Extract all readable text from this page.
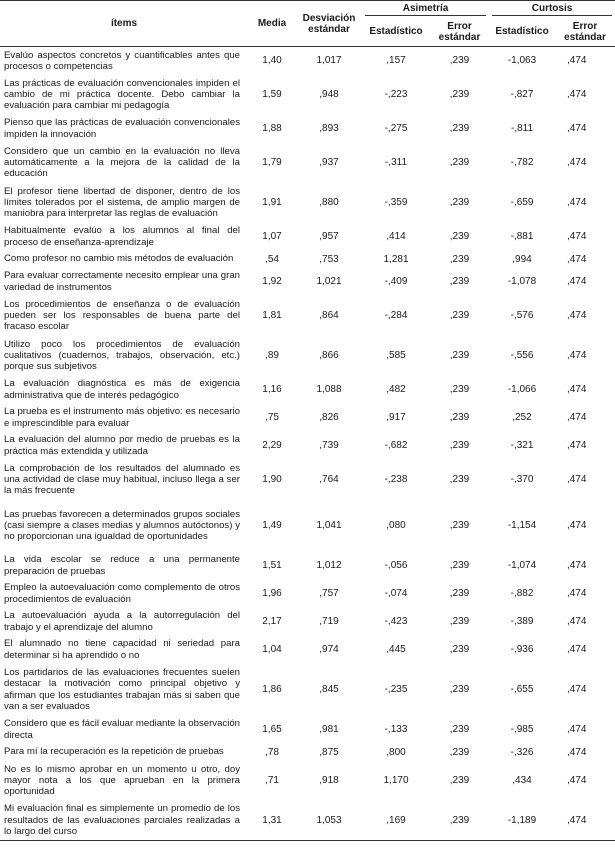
ítems	Media	Desviación estándar	Asimetría		Curtosis	

			Estadístico	Error estándar	Estadístico	Error estándar
Evalúo aspectos concretos y cuantificables antes que procesos o competencias	1,40	1,017	,157	,239	-1,063	,474
Las prácticas de evaluación convencionales impiden el cambio de mi práctica docente. Debo cambiar la evaluación para cambiar mi pedagogía	1,59	,948	-,223	,239	-,827	,474
Pienso que las prácticas de evaluación convencionales impiden la innovación	1,88	,893	-,275	,239	-,811	,474
Considero que un cambio en la evaluación no lleva automáticamente a la mejora de la calidad de la educación	1,79	,937	-,311	,239	-,782	,474
El profesor tiene libertad de disponer, dentro de los límites tolerados por el sistema, de amplio margen de maniobra para interpretar las reglas de evaluación	1,91	,880	-,359	,239	-,659	,474
Habitualmente evalúo a los alumnos al final del proceso de enseñanza-aprendizaje	1,07	,957	,414	,239	-,881	,474
Como profesor no cambio mis métodos de evaluación	,54	,753	1,281	,239	,994	,474
Para evaluar correctamente necesito emplear una gran variedad de instrumentos	1,92	1,021	-,409	,239	-1,078	,474
Los procedimientos de enseñanza o de evaluación pueden ser los responsables de buena parte del fracaso escolar	1,81	,864	-,284	,239	-,576	,474
Utilizo poco los procedimientos de evaluación cualitativos (cuadernos, trabajos, observación, etc.) porque sus subjetivos	,89	,866	,585	,239	-,556	,474
La evaluación diagnóstica es más de exigencia administrativa que de interés pedagógico	1,16	1,088	,482	,239	-1,066	,474
La prueba es el instrumento más objetivo: es necesario e imprescindible para evaluar	,75	,826	,917	,239	,252	,474
La evaluación del alumno por medio de pruebas es la práctica más extendida y utilizada	2,29	,739	-,682	,239	-,321	,474
La comprobación de los resultados del alumnado es una actividad de clase muy habitual, incluso llega a ser la más frecuente	1,90	,764	-,238	,239	-,370	,474
Las pruebas favorecen a determinados grupos sociales (casi siempre a clases medias y alumnos autóctonos) y no proporcionan una igualdad de oportunidades	1,49	1,041	,080	,239	-1,154	,474
La vida escolar se reduce a una permanente preparación de pruebas	1,51	1,012	-,056	,239	-1,074	,474
Empleo la autoevaluación como complemento de otros procedimientos de evaluación	1,96	,757	-,074	,239	-,882	,474
La autoevaluación ayuda a la autorregulación del trabajo y el aprendizaje del alumno	2,17	,719	-,423	,239	-,389	,474
El alumnado no tiene capacidad ni seriedad para determinar si ha aprendido o no	1,04	,974	,445	,239	-,936	,474
Los partidarios de las evaluaciones frecuentes suelen destacar la motivación como principal objetivo y afirman que los estudiantes trabajan más si saben que van a ser evaluados	1,86	,845	-,235	,239	-,655	,474
Considero que es fácil evaluar mediante la observación directa	1,65	,981	-,133	,239	-,985	,474
Para mí la recuperación es la repetición de pruebas	,78	,875	,800	,239	-,326	,474
No es lo mismo aprobar en un momento u otro, doy mayor nota a los que aprueban en la primera oportunidad	,71	,918	1,170	,239	,434	,474
Mi evaluación final es simplemente un promedio de los resultados de las evaluaciones parciales realizadas a lo largo del curso	1,31	1,053	,169	,239	-1,189	,474
